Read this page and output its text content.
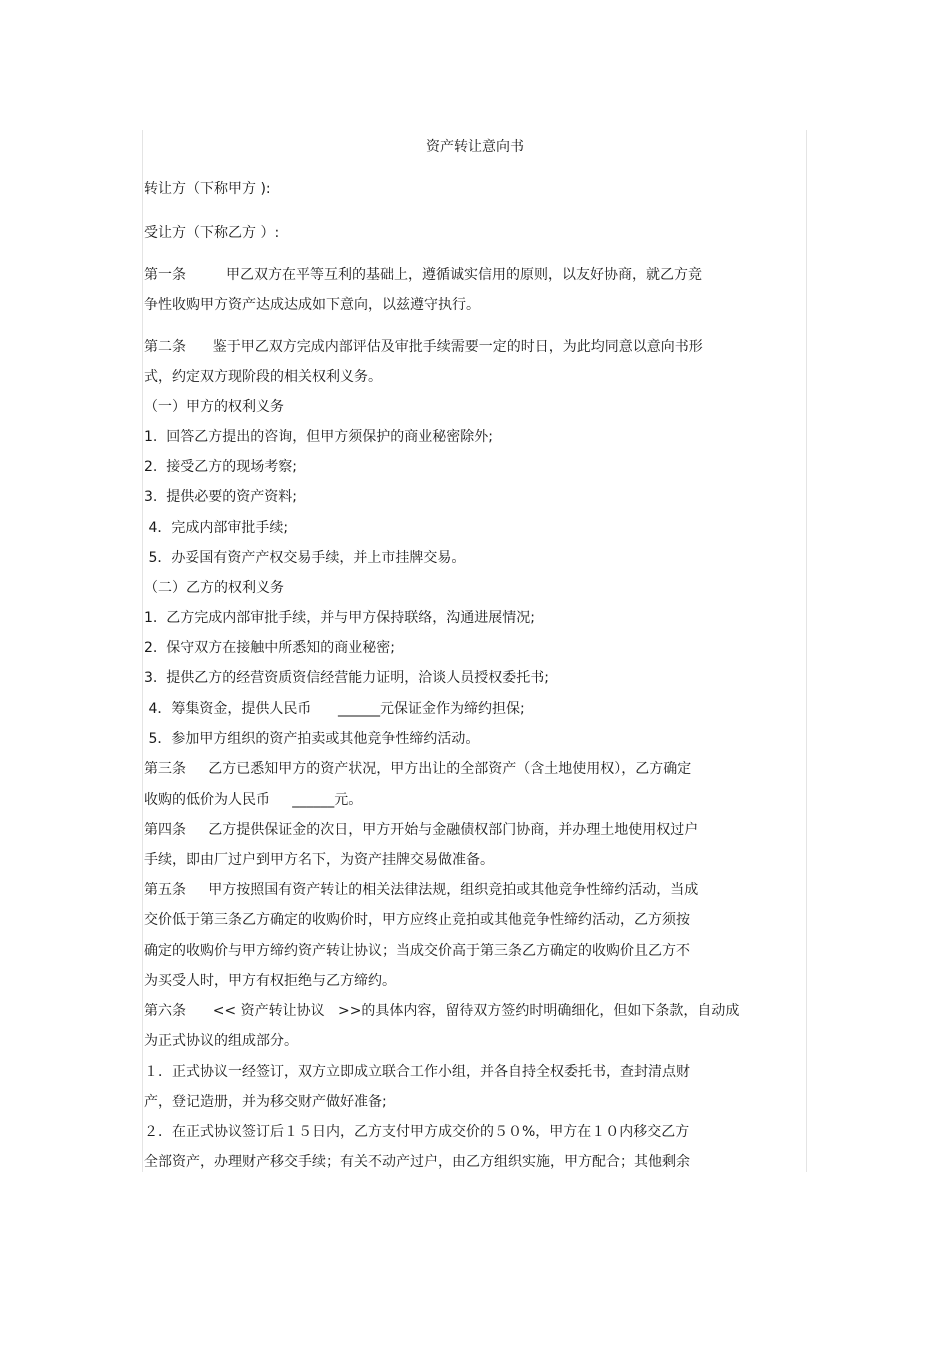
资产转让意向书
转让方（下称甲方 ):
受让方（下称乙方 ）:
第一条         甲乙双方在平等互利的基础上，遵循诚实信用的原则，以友好协商，就乙方竞
争性收购甲方资产达成达成如下意向，以兹遵守执行。
第二条      鉴于甲乙双方完成内部评估及审批手续需要一定的时日，为此均同意以意向书形
式，约定双方现阶段的相关权利义务。
（一）甲方的权利义务
1.  回答乙方提出的咨询，但甲方须保护的商业秘密除外;
2.  接受乙方的现场考察;
3.  提供必要的资产资料;
4．完成内部审批手续;
5．办妥国有资产产权交易手续，并上市挂牌交易。
（二）乙方的权利义务
1.  乙方完成内部审批手续，并与甲方保持联络，沟通进展情况;
2.  保守双方在接触中所悉知的商业秘密;
3.  提供乙方的经营资质资信经营能力证明，洽谈人员授权委托书;
4．筹集资金，提供人民币      ______元保证金作为缔约担保;
5．参加甲方组织的资产拍卖或其他竞争性缔约活动。
第三条     乙方已悉知甲方的资产状况，甲方出让的全部资产（含土地使用权），乙方确定
收购的低价为人民币     ______元。
第四条     乙方提供保证金的次日，甲方开始与金融债权部门协商，并办理土地使用权过户
手续，即由厂过户到甲方名下，为资产挂牌交易做准备。
第五条     甲方按照国有资产转让的相关法律法规，组织竞拍或其他竞争性缔约活动，当成
交价低于第三条乙方确定的收购价时，甲方应终止竞拍或其他竞争性缔约活动，乙方须按
确定的收购价与甲方缔约资产转让协议；当成交价高于第三条乙方确定的收购价且乙方不
为买受人时，甲方有权拒绝与乙方缔约。
第六条      << 资产转让协议   >>的具体内容，留待双方签约时明确细化，但如下条款，自动成
为正式协议的组成部分。
１．正式协议一经签订，双方立即成立联合工作小组，并各自持全权委托书，查封清点财
产，登记造册，并为移交财产做好准备;
２．在正式协议签订后１５日内，乙方支付甲方成交价的５０%，甲方在１０内移交乙方
全部资产，办理财产移交手续；有关不动产过户，由乙方组织实施，甲方配合；其他剩余
